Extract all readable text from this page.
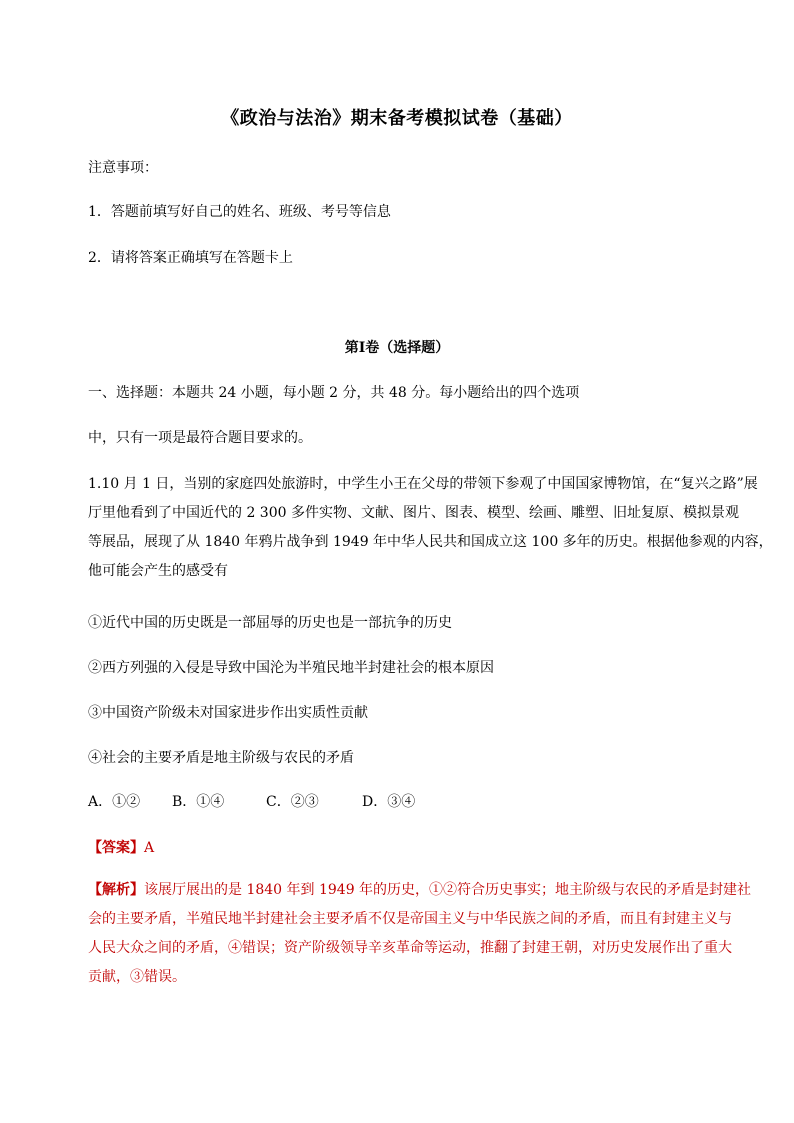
《政治与法治》期末备考模拟试卷（基础）
注意事项：
1．答题前填写好自己的姓名、班级、考号等信息
2．请将答案正确填写在答题卡上
第I卷（选择题）
一、选择题：本题共 24 小题，每小题 2 分，共 48 分。每小题给出的四个选项
中，只有一项是最符合题目要求的。

1.10 月 1 日，当别的家庭四处旅游时，中学生小王在父母的带领下参观了中国国家博物馆，在“复兴之路”展

厅里他看到了中国近代的 2 300 多件实物、文献、图片、图表、模型、绘画、雕塑、旧址复原、模拟景观

等展品，展现了从 1840 年鸦片战争到 1949 年中华人民共和国成立这 100 多年的历史。根据他参观的内容，

他可能会产生的感受有

①近代中国的历史既是一部屈辱的历史也是一部抗争的历史
②西方列强的入侵是导致中国沦为半殖民地半封建社会的根本原因
③中国资产阶级未对国家进步作出实质性贡献
④社会的主要矛盾是地主阶级与农民的矛盾
A．①② B．①④	C．②③	D．③④
【答案】A

【解析】该展厅展出的是 1840 年到 1949 年的历史，①②符合历史事实；地主阶级与农民的矛盾是封建社

会的主要矛盾，半殖民地半封建社会主要矛盾不仅是帝国主义与中华民族之间的矛盾，而且有封建主义与

人民大众之间的矛盾，④错误；资产阶级领导辛亥革命等运动，推翻了封建王朝，对历史发展作出了重大

贡献，③错误。
